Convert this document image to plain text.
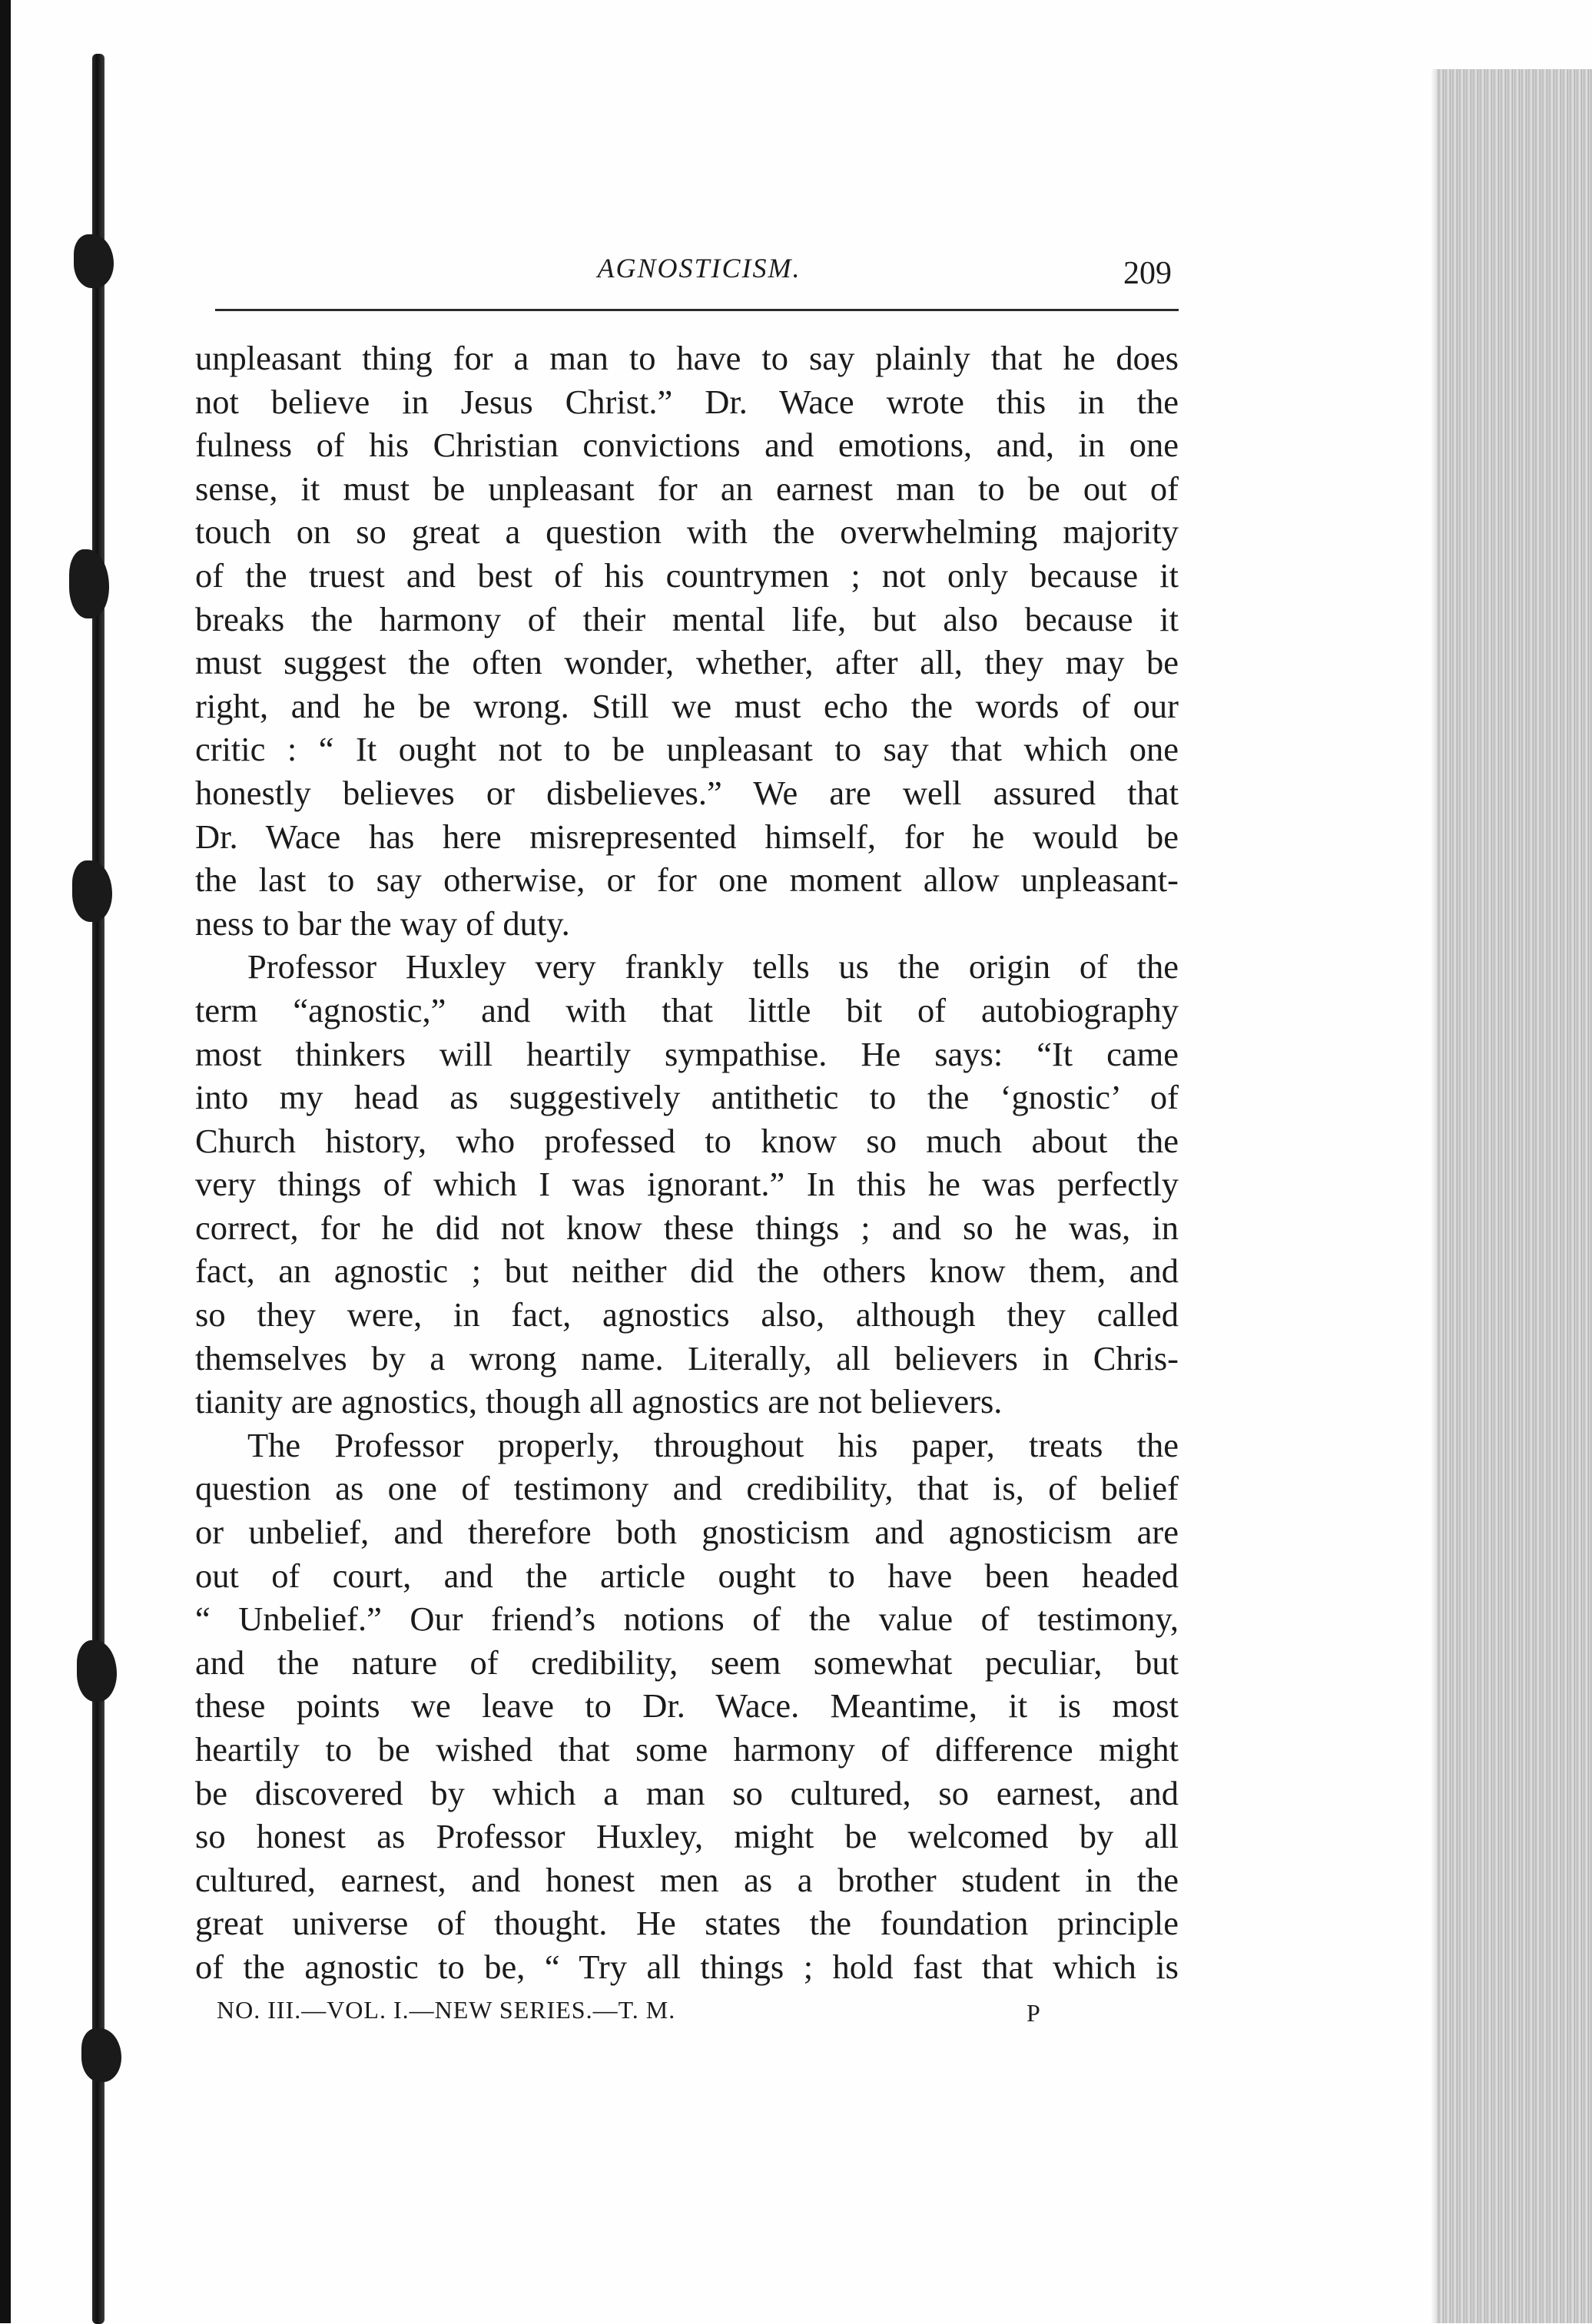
AGNOSTICISM.	209
unpleasant thing for a man to have to say plainly that he does
not believe in Jesus Christ.” Dr. Wace wrote this in the
fulness of his Christian convictions and emotions, and, in one
sense, it must be unpleasant for an earnest man to be out of
touch on so great a question with the overwhelming majority
of the truest and best of his countrymen ; not only because it
breaks the harmony of their mental life, but also because it
must suggest the often wonder, whether, after all, they may be
right, and he be wrong. Still we must echo the words of our
critic : “ It ought not to be unpleasant to say that which one
honestly believes or disbelieves.” We are well assured that
Dr. Wace has here misrepresented himself, for he would be
the last to say otherwise, or for one moment allow unpleasant-
ness to bar the way of duty.
Professor Huxley very frankly tells us the origin of the
term “agnostic,” and with that little bit of autobiography
most thinkers will heartily sympathise. He says: “It came
into my head as suggestively antithetic to the ‘gnostic’ of
Church history, who professed to know so much about the
very things of which I was ignorant.” In this he was perfectly
correct, for he did not know these things ; and so he was, in
fact, an agnostic ; but neither did the others know them, and
so they were, in fact, agnostics also, although they called
themselves by a wrong name. Literally, all believers in Chris-
tianity are agnostics, though all agnostics are not believers.
The Professor properly, throughout his paper, treats the
question as one of testimony and credibility, that is, of belief
or unbelief, and therefore both gnosticism and agnosticism are
out of court, and the article ought to have been headed
“ Unbelief.” Our friend’s notions of the value of testimony,
and the nature of credibility, seem somewhat peculiar, but
these points we leave to Dr. Wace. Meantime, it is most
heartily to be wished that some harmony of difference might
be discovered by which a man so cultured, so earnest, and
so honest as Professor Huxley, might be welcomed by all
cultured, earnest, and honest men as a brother student in the
great universe of thought. He states the foundation principle
of the agnostic to be, “ Try all things ; hold fast that which is
NO. III.—VOL. I.—NEW SERIES.—T. M.	P
